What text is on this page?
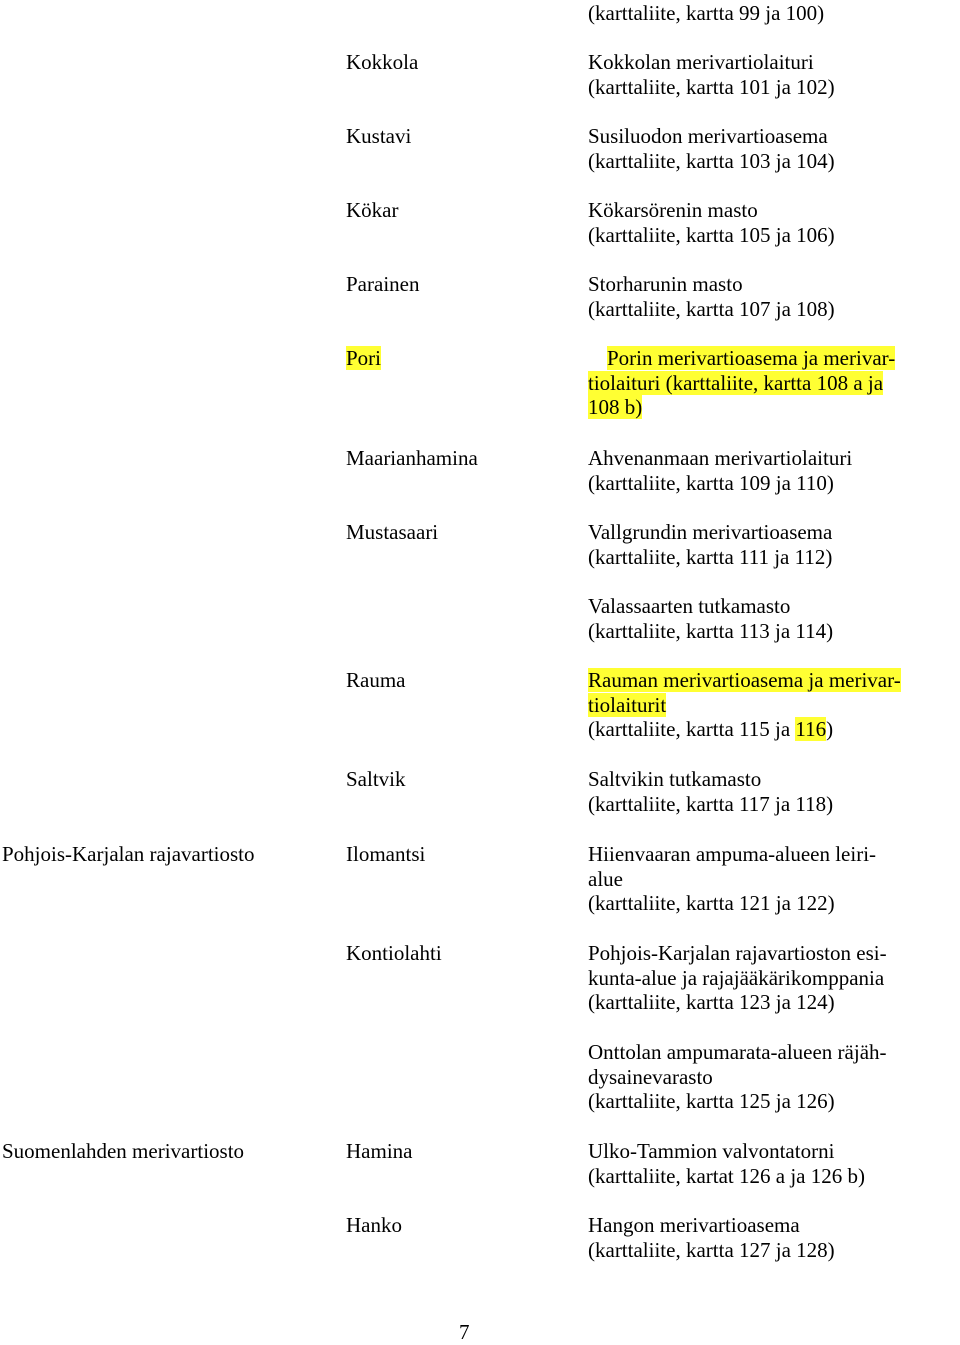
(karttaliite, kartta 99 ja 100)
Kokkola	Kokkolan merivartiolaituri
(karttaliite, kartta 101 ja 102)
Kustavi	Susiluodon merivartioasema
(karttaliite, kartta 103 ja 104)
Kökar	Kökarsörenin masto
(karttaliite, kartta 105 ja 106)
Parainen	Storharunin masto
(karttaliite, kartta 107 ja 108)
Pori	Porin merivartioasema ja merivar-
tiolaituri (karttaliite, kartta 108 a ja
108 b)
Maarianhamina	Ahvenanmaan merivartiolaituri
(karttaliite, kartta 109 ja 110)
Mustasaari	Vallgrundin merivartioasema
(karttaliite, kartta 111 ja 112)
Valassaarten tutkamasto
(karttaliite, kartta 113 ja 114)
Rauma	Rauman merivartioasema ja merivar-
tiolaiturit
(karttaliite, kartta 115 ja 116)
Saltvik	Saltvikin tutkamasto
(karttaliite, kartta 117 ja 118)
Pohjois-Karjalan rajavartiosto	Ilomantsi	Hiienvaaran ampuma-alueen leiri-
alue
(karttaliite, kartta 121 ja 122)
Kontiolahti	Pohjois-Karjalan rajavartioston esi-
kunta-alue ja rajajääkärikomppania
(karttaliite, kartta 123 ja 124)
Onttolan ampumarata-alueen räjäh-
dysainevarasto
(karttaliite, kartta 125 ja 126)
Suomenlahden merivartiosto	Hamina	Ulko-Tammion valvontatorni
(karttaliite, kartat 126 a ja 126 b)
Hanko	Hangon merivartioasema
(karttaliite, kartta 127 ja 128)
7
